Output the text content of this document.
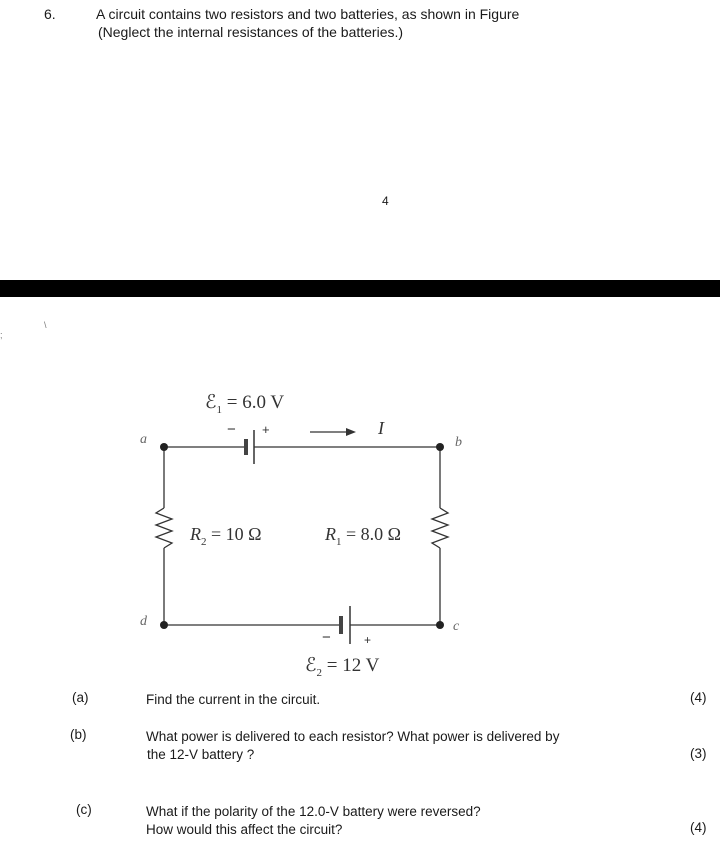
6.	A circuit contains two resistors and two batteries, as shown in Figure
(Neglect the internal resistances of the batteries.)
4
;
\
ℰ$_1$ = 6.0 V
− +	I
a	b
c
d
$R_2 = 10$ Ω	$R_1 = 8.0$ Ω
−	+
ℰ$_2$ = 12 V
(a)	Find the current in the circuit.	(4)
(b)	What power is delivered to each resistor? What power is delivered by
the 12-V battery ?	(3)
(c)	What if the polarity of the 12.0-V battery were reversed?
How would this affect the circuit?	(4)
